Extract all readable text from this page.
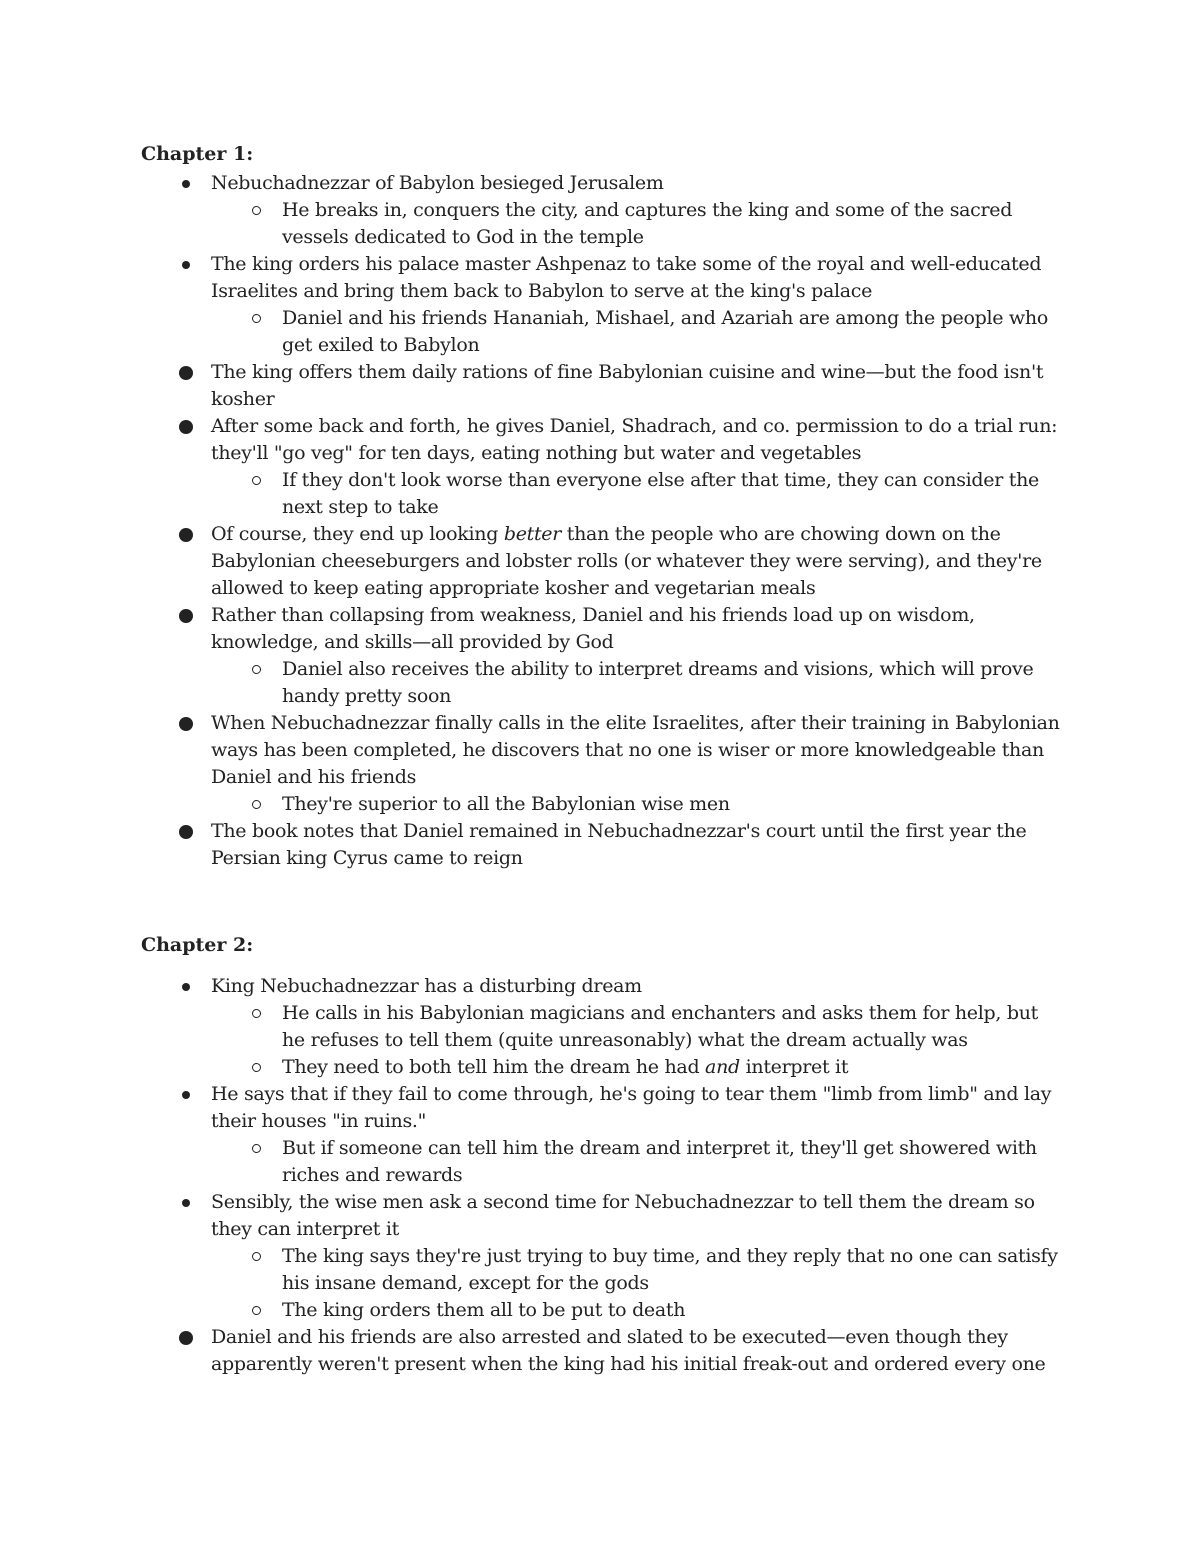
Chapter 1:
Nebuchadnezzar of Babylon besieged Jerusalem
He breaks in, conquers the city, and captures the king and some of the sacred vessels dedicated to God in the temple
The king orders his palace master Ashpenaz to take some of the royal and well-educated Israelites and bring them back to Babylon to serve at the king's palace
Daniel and his friends Hananiah, Mishael, and Azariah are among the people who get exiled to Babylon
The king offers them daily rations of fine Babylonian cuisine and wine—but the food isn't kosher
After some back and forth, he gives Daniel, Shadrach, and co. permission to do a trial run: they'll "go veg" for ten days, eating nothing but water and vegetables
If they don't look worse than everyone else after that time, they can consider the next step to take
Of course, they end up looking better than the people who are chowing down on the Babylonian cheeseburgers and lobster rolls (or whatever they were serving), and they're allowed to keep eating appropriate kosher and vegetarian meals
Rather than collapsing from weakness, Daniel and his friends load up on wisdom, knowledge, and skills—all provided by God
Daniel also receives the ability to interpret dreams and visions, which will prove handy pretty soon
When Nebuchadnezzar finally calls in the elite Israelites, after their training in Babylonian ways has been completed, he discovers that no one is wiser or more knowledgeable than Daniel and his friends
They're superior to all the Babylonian wise men
The book notes that Daniel remained in Nebuchadnezzar's court until the first year the Persian king Cyrus came to reign
Chapter 2:
King Nebuchadnezzar has a disturbing dream
He calls in his Babylonian magicians and enchanters and asks them for help, but he refuses to tell them (quite unreasonably) what the dream actually was
They need to both tell him the dream he had and interpret it
He says that if they fail to come through, he's going to tear them "limb from limb" and lay their houses "in ruins."
But if someone can tell him the dream and interpret it, they'll get showered with riches and rewards
Sensibly, the wise men ask a second time for Nebuchadnezzar to tell them the dream so they can interpret it
The king says they're just trying to buy time, and they reply that no one can satisfy his insane demand, except for the gods
The king orders them all to be put to death
Daniel and his friends are also arrested and slated to be executed—even though they apparently weren't present when the king had his initial freak-out and ordered every one
